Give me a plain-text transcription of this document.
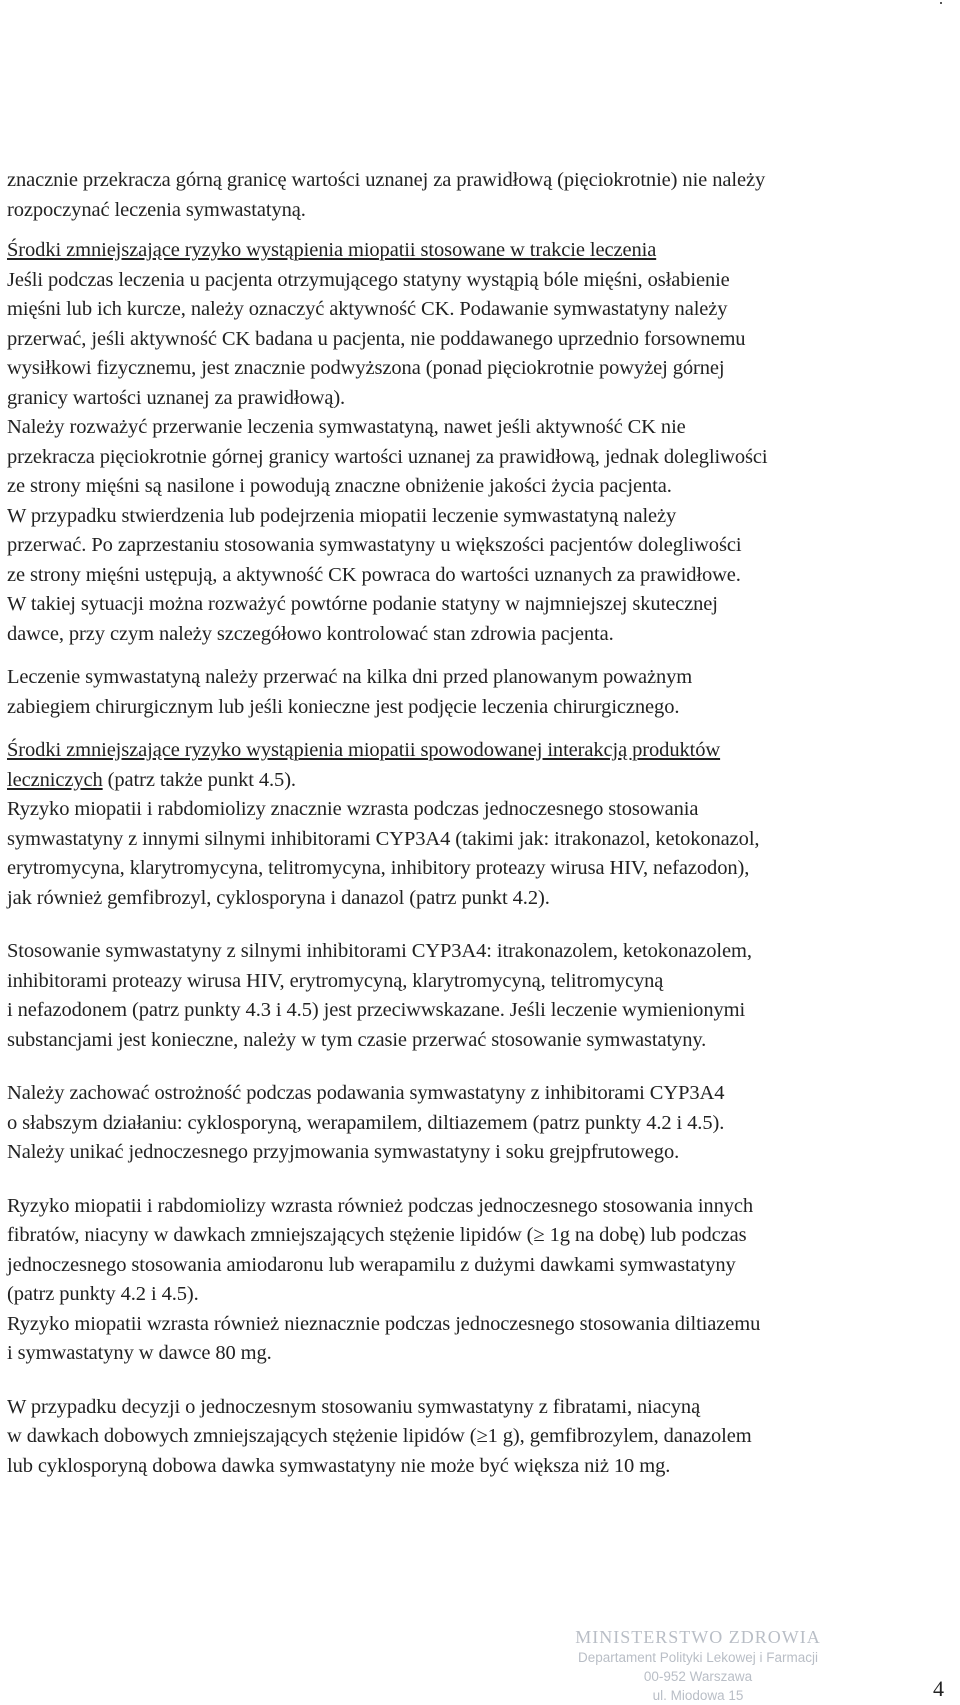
znacznie przekracza górną granicę wartości uznanej za prawidłową (pięciokrotnie) nie należy
rozpoczynać leczenia symwastatyną.
Środki zmniejszające ryzyko wystąpienia miopatii stosowane w trakcie leczenia
Jeśli podczas leczenia u pacjenta otrzymującego statyny wystąpią bóle mięśni, osłabienie
mięśni lub ich kurcze, należy oznaczyć aktywność CK. Podawanie symwastatyny należy
przerwać, jeśli aktywność CK badana u pacjenta, nie poddawanego uprzednio forsownemu
wysiłkowi fizycznemu, jest znacznie podwyższona (ponad pięciokrotnie powyżej górnej
granicy wartości uznanej za prawidłową).
Należy rozważyć przerwanie leczenia symwastatyną, nawet jeśli aktywność CK nie
przekracza pięciokrotnie górnej granicy wartości uznanej za prawidłową, jednak dolegliwości
ze strony mięśni są nasilone i powodują znaczne obniżenie jakości życia pacjenta.
W przypadku stwierdzenia lub podejrzenia miopatii leczenie symwastatyną należy
przerwać. Po zaprzestaniu stosowania symwastatyny u większości pacjentów dolegliwości
ze strony mięśni ustępują, a aktywność CK powraca do wartości uznanych za prawidłowe.
W takiej sytuacji można rozważyć powtórne podanie statyny w najmniejszej skutecznej
dawce, przy czym należy szczegółowo kontrolować stan zdrowia pacjenta.
Leczenie symwastatyną należy przerwać na kilka dni przed planowanym poważnym
zabiegiem chirurgicznym lub jeśli konieczne jest podjęcie leczenia chirurgicznego.
Środki zmniejszające ryzyko wystąpienia miopatii spowodowanej interakcją produktów
leczniczych (patrz także punkt 4.5).
Ryzyko miopatii i rabdomiolizy znacznie wzrasta podczas jednoczesnego stosowania
symwastatyny z innymi silnymi inhibitorami CYP3A4 (takimi jak: itrakonazol, ketokonazol,
erytromycyna, klarytromycyna, telitromycyna, inhibitory proteazy wirusa HIV, nefazodon),
jak również gemfibrozyl, cyklosporyna i danazol (patrz punkt 4.2).
Stosowanie symwastatyny z silnymi inhibitorami CYP3A4: itrakonazolem, ketokonazolem,
inhibitorami proteazy wirusa HIV, erytromycyną, klarytromycyną, telitromycyną
i nefazodonem (patrz punkty 4.3 i 4.5) jest przeciwwskazane. Jeśli leczenie wymienionymi
substancjami jest konieczne, należy w tym czasie przerwać stosowanie symwastatyny.
Należy zachować ostrożność podczas podawania symwastatyny z inhibitorami CYP3A4
o słabszym działaniu: cyklosporyną, werapamilem, diltiazemem (patrz punkty 4.2 i 4.5).
Należy unikać jednoczesnego przyjmowania symwastatyny i soku grejpfrutowego.
Ryzyko miopatii i rabdomiolizy wzrasta również podczas jednoczesnego stosowania innych
fibratów, niacyny w dawkach zmniejszających stężenie lipidów (≥ 1g na dobę) lub podczas
jednoczesnego stosowania amiodaronu lub werapamilu z dużymi dawkami symwastatyny
(patrz punkty 4.2 i 4.5).
Ryzyko miopatii wzrasta również nieznacznie podczas jednoczesnego stosowania diltiazemu
i symwastatyny w dawce 80 mg.
W przypadku decyzji o jednoczesnym stosowaniu symwastatyny z fibratami, niacyną
w dawkach dobowych zmniejszających stężenie lipidów (≥1 g), gemfibrozylem, danazolem
lub cyklosporyną dobowa dawka symwastatyny nie może być większa niż 10 mg.
MINISTERSTWO ZDROWIA
Departament Polityki Lekowej i Farmacji
00-952 Warszawa
ul. Miodowa 15	4
